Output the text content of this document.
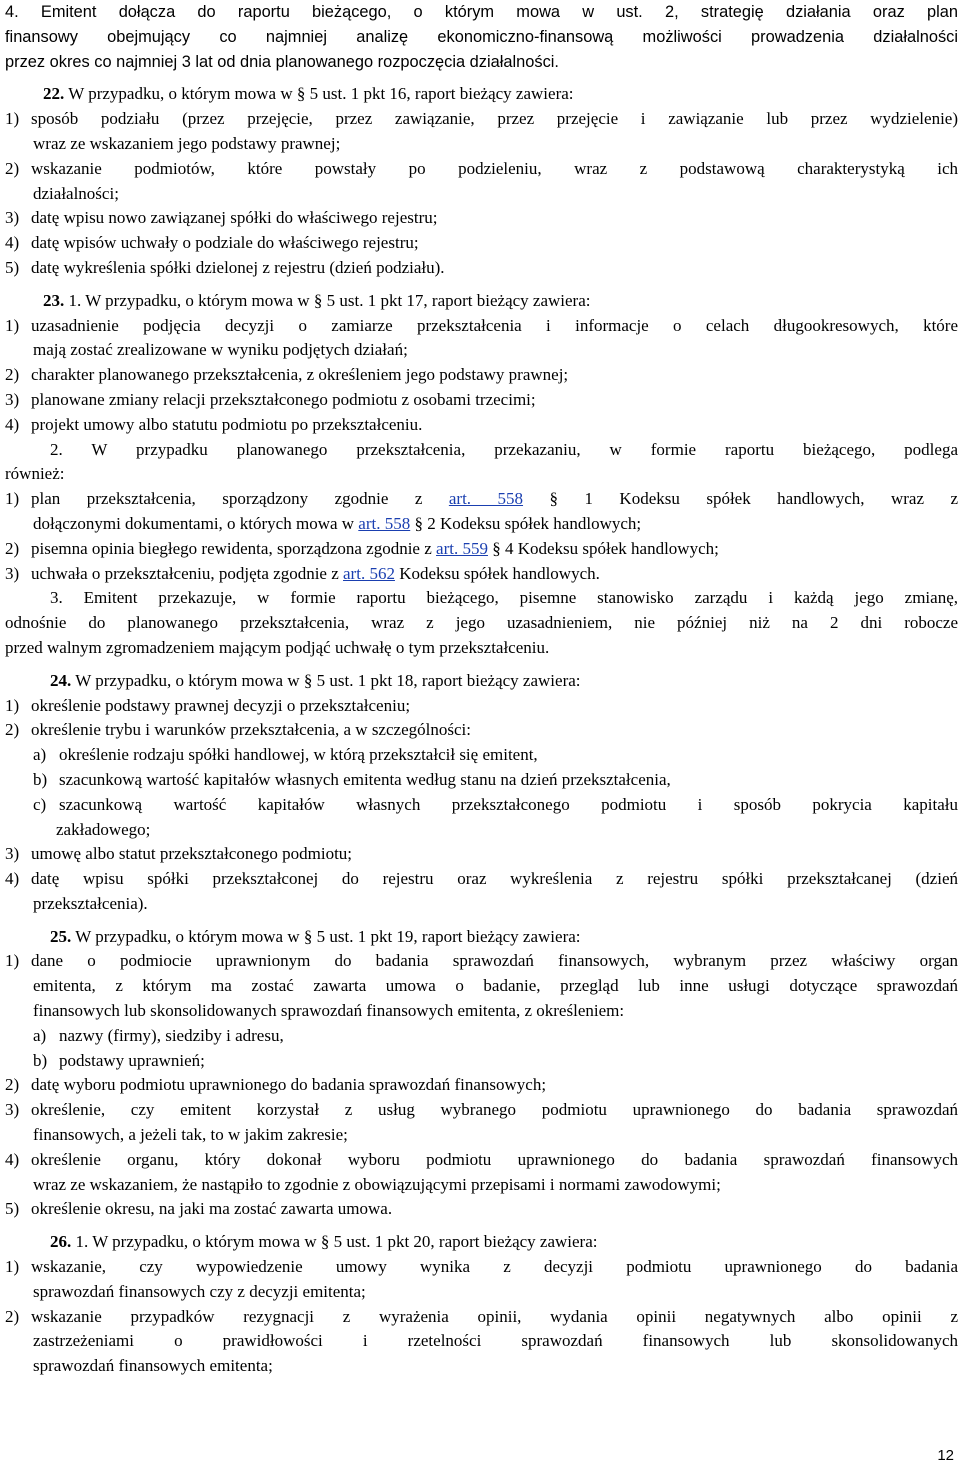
4. Emitent dołącza do raportu bieżącego, o którym mowa w ust. 2, strategię działania oraz plan
finansowy obejmujący co najmniej analizę ekonomiczno-finansową możliwości prowadzenia działalności
przez okres co najmniej 3 lat od dnia planowanego rozpoczęcia działalności.
22. W przypadku, o którym mowa w § 5 ust. 1 pkt 16, raport bieżący zawiera:
1) sposób podziału (przez przejęcie, przez zawiązanie, przez przejęcie i zawiązanie lub przez wydzielenie)
wraz ze wskazaniem jego podstawy prawnej;
2) wskazanie podmiotów, które powstały po podzieleniu, wraz z podstawową charakterystyką ich
działalności;
3) datę wpisu nowo zawiązanej spółki do właściwego rejestru;
4) datę wpisów uchwały o podziale do właściwego rejestru;
5) datę wykreślenia spółki dzielonej z rejestru (dzień podziału).
23. 1. W przypadku, o którym mowa w § 5 ust. 1 pkt 17, raport bieżący zawiera:
1) uzasadnienie podjęcia decyzji o zamiarze przekształcenia i informacje o celach długookresowych, które
mają zostać zrealizowane w wyniku podjętych działań;
2) charakter planowanego przekształcenia, z określeniem jego podstawy prawnej;
3) planowane zmiany relacji przekształconego podmiotu z osobami trzecimi;
4) projekt umowy albo statutu podmiotu po przekształceniu.
2. W przypadku planowanego przekształcenia, przekazaniu, w formie raportu bieżącego, podlega
również:
1) plan przekształcenia, sporządzony zgodnie z art. 558 § 1 Kodeksu spółek handlowych, wraz z
dołączonymi dokumentami, o których mowa w art. 558 § 2 Kodeksu spółek handlowych;
2) pisemna opinia biegłego rewidenta, sporządzona zgodnie z art. 559 § 4 Kodeksu spółek handlowych;
3) uchwała o przekształceniu, podjęta zgodnie z art. 562 Kodeksu spółek handlowych.
3. Emitent przekazuje, w formie raportu bieżącego, pisemne stanowisko zarządu i każdą jego zmianę,
odnośnie do planowanego przekształcenia, wraz z jego uzasadnieniem, nie później niż na 2 dni robocze
przed walnym zgromadzeniem mającym podjąć uchwałę o tym przekształceniu.
24. W przypadku, o którym mowa w § 5 ust. 1 pkt 18, raport bieżący zawiera:
1) określenie podstawy prawnej decyzji o przekształceniu;
2) określenie trybu i warunków przekształcenia, a w szczególności:
a) określenie rodzaju spółki handlowej, w którą przekształcił się emitent,
b) szacunkową wartość kapitałów własnych emitenta według stanu na dzień przekształcenia,
c) szacunkową wartość kapitałów własnych przekształconego podmiotu i sposób pokrycia kapitału
zakładowego;
3) umowę albo statut przekształconego podmiotu;
4) datę wpisu spółki przekształconej do rejestru oraz wykreślenia z rejestru spółki przekształcanej (dzień
przekształcenia).
25. W przypadku, o którym mowa w § 5 ust. 1 pkt 19, raport bieżący zawiera:
1) dane o podmiocie uprawnionym do badania sprawozdań finansowych, wybranym przez właściwy organ
emitenta, z którym ma zostać zawarta umowa o badanie, przegląd lub inne usługi dotyczące sprawozdań
finansowych lub skonsolidowanych sprawozdań finansowych emitenta, z określeniem:
a) nazwy (firmy), siedziby i adresu,
b) podstawy uprawnień;
2) datę wyboru podmiotu uprawnionego do badania sprawozdań finansowych;
3) określenie, czy emitent korzystał z usług wybranego podmiotu uprawnionego do badania sprawozdań
finansowych, a jeżeli tak, to w jakim zakresie;
4) określenie organu, który dokonał wyboru podmiotu uprawnionego do badania sprawozdań finansowych
wraz ze wskazaniem, że nastąpiło to zgodnie z obowiązującymi przepisami i normami zawodowymi;
5) określenie okresu, na jaki ma zostać zawarta umowa.
26. 1. W przypadku, o którym mowa w § 5 ust. 1 pkt 20, raport bieżący zawiera:
1) wskazanie, czy wypowiedzenie umowy wynika z decyzji podmiotu uprawnionego do badania
sprawozdań finansowych czy z decyzji emitenta;
2) wskazanie przypadków rezygnacji z wyrażenia opinii, wydania opinii negatywnych albo opinii z
zastrzeżeniami o prawidłowości i rzetelności sprawozdań finansowych lub skonsolidowanych
sprawozdań finansowych emitenta;
12
